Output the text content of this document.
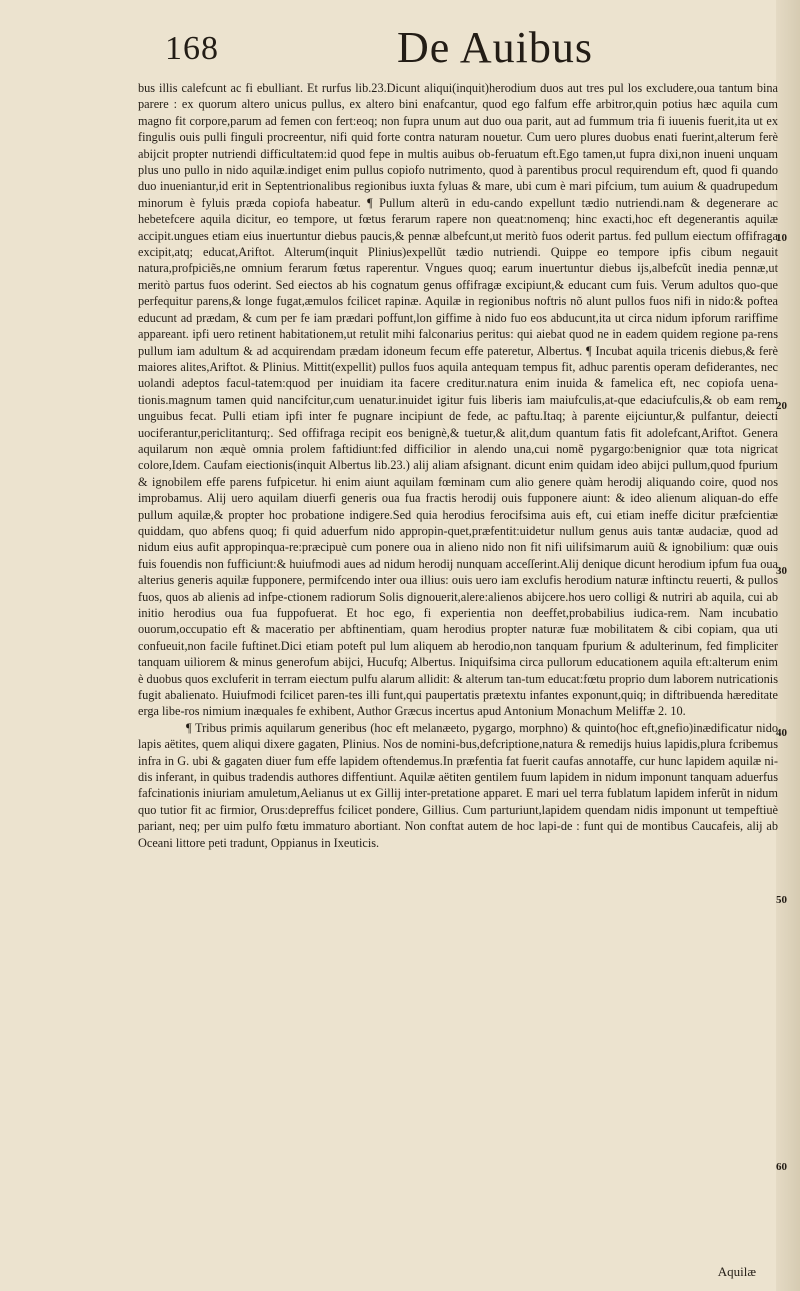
168	De Auibus

bus illis calefcunt ac fi ebulliant. Et rurfus lib.23.Dicunt aliqui(inquit)herodium duos aut tres pul los excludere,oua tantum bina parere : ex quorum altero unicus pullus, ex altero bini enafcantur, quod ego falfum effe arbitror,quin potius hæc aquila cum magno fit corpore,parum ad femen con fert:eoq; non fupra unum aut duo oua parit, aut ad fummum tria fi iuuenis fuerit,ita ut ex fingulis ouis pulli finguli procreentur, nifi quid forte contra naturam nouetur. Cum uero plures duobus enati fuerint,alterum ferè abijcit propter nutriendi difficultatem:id quod fepe in multis auibus ob-feruatum eft.Ego tamen,ut fupra dixi,non inueni unquam plus uno pullo in nido aquilæ.indiget enim pullus copiofo nutrimento, quod à parentibus procul requirendum eft, quod fi quando duo inueniantur,id erit in Septentrionalibus regionibus iuxta fyluas & mare, ubi cum è mari pifcium, tum auium & quadrupedum minorum è fyluis præda copiofa habeatur. ¶ Pullum alterũ in edu-cando expellunt tædio nutriendi.nam & degenerare ac hebetefcere aquila dicitur, eo tempore, ut fœtus ferarum rapere non queat:nomenq; hinc exacti,hoc eft degenerantis aquilæ accipit.ungues etiam eius inuertuntur diebus paucis,& pennæ albefcunt,ut meritò fuos oderit partus. fed pullum eiectum offifraga excipit,atq; educat,Ariftot. Alterum(inquit Plinius)expellũt tædio nutriendi. Quippe eo tempore ipfis cibum negauit natura,profpiciẽs,ne omnium ferarum fœtus raperentur. Vngues quoq; earum inuertuntur diebus ijs,albefcũt inedia pennæ,ut meritò partus fuos oderint. Sed eiectos ab his cognatum genus offifragæ excipiunt,& educant cum fuis. Verum adultos quo-que perfequitur parens,& longe fugat,æmulos fcilicet rapinæ. Aquilæ in regionibus noftris nõ alunt pullos fuos nifi in nido:& poftea educunt ad prædam, & cum per fe iam prædari poffunt,lon giffime à nido fuo eos abducunt,ita ut circa nidum ipforum rariffime appareant. ipfi uero retinent habitationem,ut retulit mihi falconarius peritus: qui aiebat quod ne in eadem quidem regione pa-rens pullum iam adultum & ad acquirendam prædam idoneum fecum effe pateretur, Albertus. ¶ Incubat aquila tricenis diebus,& ferè maiores alites,Ariftot. & Plinius. Mittit(expellit) pullos fuos aquila antequam tempus fit, adhuc parentis operam defiderantes, nec uolandi adeptos facul-tatem:quod per inuidiam ita facere creditur.natura enim inuida & famelica eft, nec copiofa uena-tionis.magnum tamen quid nancifcitur,cum uenatur.inuidet igitur fuis liberis iam maiufculis,at-que edaciufculis,& ob eam rem unguibus fecat. Pulli etiam ipfi inter fe pugnare incipiunt de fede, ac paftu.Itaq; à parente eijciuntur,& pulfantur, deiecti uociferantur,periclitanturq;. Sed offifraga recipit eos benignè,& tuetur,& alit,dum quantum fatis fit adolefcant,Ariftot. Genera aquilarum non æquè omnia prolem faftidiunt:fed difficilior in alendo una,cui nomẽ pygargo:benignior quæ tota nigricat colore,Idem. Caufam eiectionis(inquit Albertus lib.23.) alij aliam afsignant. dicunt enim quidam ideo abijci pullum,quod fpurium & ignobilem effe parens fufpicetur. hi enim aiunt aquilam fœminam cum alio genere quàm herodij aliquando coire, quod nos improbamus. Alij uero aquilam diuerfi generis oua fua fractis herodij ouis fupponere aiunt: & ideo alienum aliquan-do effe pullum aquilæ,& propter hoc probatione indigere.Sed quia herodius ferocifsima auis eft, cui etiam ineffe dicitur præfcientiæ quiddam, quo abfens quoq; fi quid aduerfum nido appropin-quet,præfentit:uidetur nullum genus auis tantæ audaciæ, quod ad nidum eius aufit appropinqua-re:præcipuè cum ponere oua in alieno nido non fit nifi uilifsimarum auiũ & ignobilium: quæ ouis fuis fouendis non fufficiunt:& huiufmodi aues ad nidum herodij nunquam acceſſerint.Alij denique dicunt herodium ipfum fua oua alterius generis aquilæ fupponere, permifcendo inter oua illius: ouis uero iam exclufis herodium naturæ inftinctu reuerti, & pullos fuos, quos ab alienis ad infpe-ctionem radiorum Solis dignouerit,alere:alienos abijcere.hos uero colligi & nutriri ab aquila, cui ab initio herodius oua fua fuppofuerat. Et hoc ego, fi experientia non deeffet,probabilius iudica-rem. Nam incubatio ouorum,occupatio eft & maceratio per abftinentiam, quam herodius propter naturæ fuæ mobilitatem & cibi copiam, qua uti confueuit,non facile fuftinet.Dici etiam poteft pul lum aliquem ab herodio,non tanquam fpurium & adulterinum, fed fimpliciter tanquam uiliorem & minus generofum abijci, Hucufq; Albertus. Iniquifsima circa pullorum educationem aquila eft:alterum enim è duobus quos excluferit in terram eiectum pulfu alarum allidit: & alterum tan-tum educat:fœtu proprio dum laborem nutricationis fugit abalienato. Huiufmodi fcilicet paren-tes illi funt,qui paupertatis prætextu infantes exponunt,quiq; in diftribuenda hæreditate erga libe-ros nimium inæquales fe exhibent, Author Græcus incertus apud Antonium Monachum Meliffæ 2. 10.

¶ Tribus primis aquilarum generibus (hoc eft melanæeto, pygargo, morphno) & quinto(hoc eft,gnefio)inædificatur nido lapis aëtites, quem aliqui dixere gagaten, Plinius. Nos de nomini-bus,defcriptione,natura & remedijs huius lapidis,plura fcribemus infra in G. ubi & gagaten diuer fum effe lapidem oftendemus.In præfentia fat fuerit caufas annotaffe, cur hunc lapidem aquilæ ni-dis inferant, in quibus tradendis authores diffentiunt. Aquilæ aëtiten gentilem fuum lapidem in nidum imponunt tanquam aduerfus fafcinationis iniuriam amuletum,Aelianus ut ex Gillij inter-pretatione apparet. E mari uel terra fublatum lapidem inferũt in nidum quo tutior fit ac firmior, Orus:depreffus fcilicet pondere, Gillius. Cum parturiunt,lapidem quendam nidis imponunt ut tempeftiuè pariant, neq; per uim pulfo fœtu immaturo abortiant. Non conftat autem de hoc lapi-de : funt qui de montibus Caucafeis, alij ab Oceani littore peti tradunt, Oppianus in Ixeuticis.

10
20
30
40
50
60
Aquilæ
